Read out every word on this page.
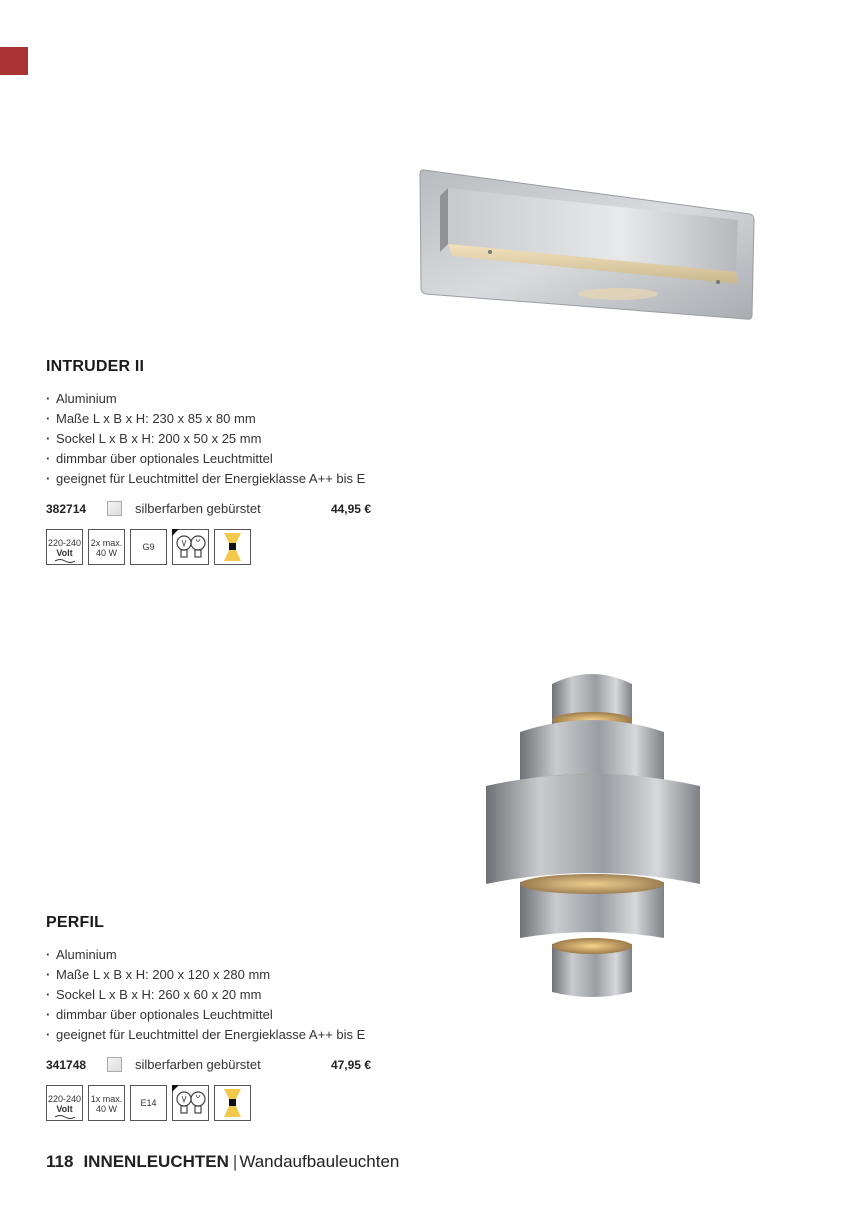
INTRUDER II
· Aluminium
· Maße L x B x H: 230 x 85 x 80 mm
· Sockel L x B x H: 200 x 50 x 25 mm
· dimmbar über optionales Leuchtmittel
· geeignet für Leuchtmittel der Energieklasse A++ bis E
382714	silberfarben gebürstet	44,95 €
220-240
Volt
2x max.
40 W
G9
PERFIL
· Aluminium
· Maße L x B x H: 200 x 120 x 280 mm
· Sockel L x B x H: 260 x 60 x 20 mm
· dimmbar über optionales Leuchtmittel
· geeignet für Leuchtmittel der Energieklasse A++ bis E
341748	silberfarben gebürstet	47,95 €
220-240
Volt
1x max.
40 W
E14
118 INNENLEUCHTEN | Wandaufbauleuchten
